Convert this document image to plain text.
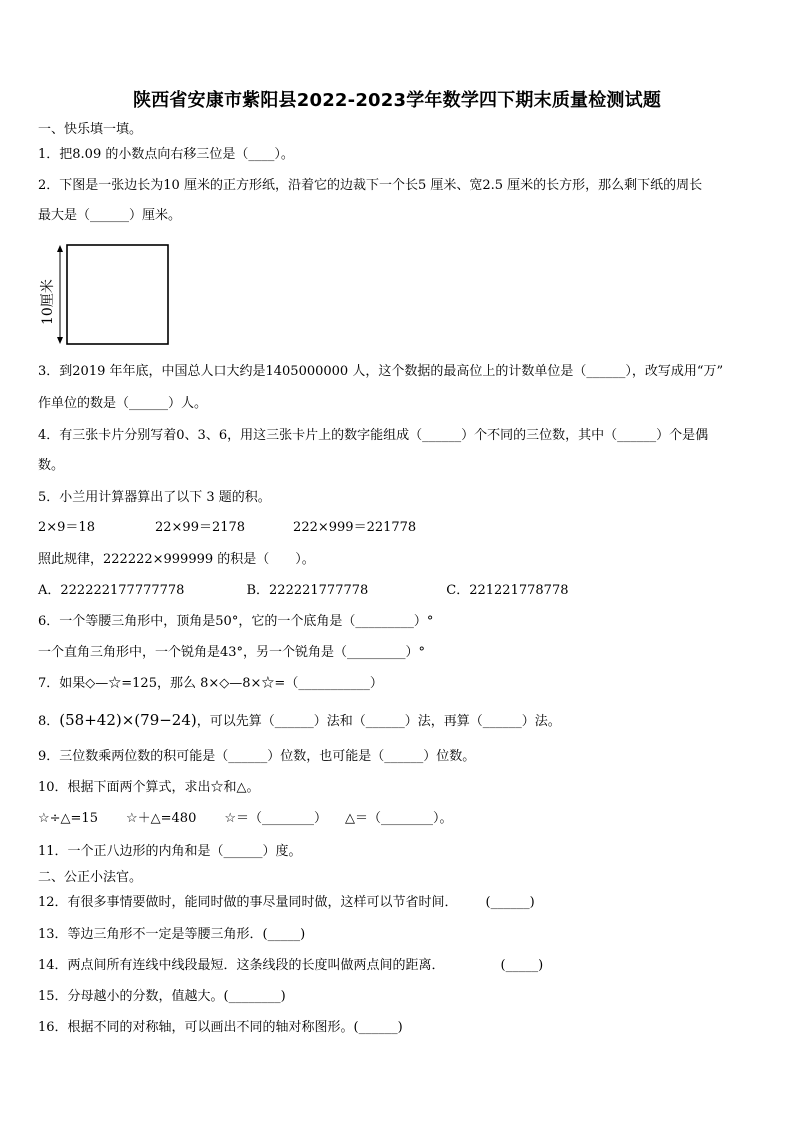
陕西省安康市紫阳县2022-2023学年数学四下期末质量检测试题
一、快乐填一填。
1．把8.09 的小数点向右移三位是（____）。
2．下图是一张边长为10 厘米的正方形纸，沿着它的边裁下一个长5 厘米、宽2.5 厘米的长方形，那么剩下纸的周长
最大是（______）厘米。
10厘米
3．到2019 年年底，中国总人口大约是1405000000 人，这个数据的最高位上的计数单位是（______），改写成用“万”
作单位的数是（______）人。
4．有三张卡片分别写着0、3、6，用这三张卡片上的数字能组成（______）个不同的三位数，其中（______）个是偶
数。
5．小兰用计算器算出了以下 3 题的积。
2×9＝18	22×99＝2178	222×999＝221778
照此规律，222222×999999 的积是（　　）。
A．222222177777778	B．222221777778	C．221221778778
6．一个等腰三角形中，顶角是50°，它的一个底角是（_________）°
一个直角三角形中，一个锐角是43°，另一个锐角是（_________）°
7．如果◇—☆=125，那么 8×◇—8×☆=（___________）
8．(58+42)×(79−24)，可以先算（______）法和（______）法，再算（______）法。
9．三位数乘两位数的积可能是（______）位数，也可能是（______）位数。
10．根据下面两个算式，求出☆和△。
☆÷△=15 ☆＋△=480 ☆＝（________） △＝（________）。
11．一个正八边形的内角和是（______）度。
二、公正小法官。
12．有很多事情要做时，能同时做的事尽量同时做，这样可以节省时间． (______)
13．等边三角形不一定是等腰三角形．(_____)
14．两点间所有连线中线段最短．这条线段的长度叫做两点间的距离．	(_____)
15．分母越小的分数，值越大。(________)
16．根据不同的对称轴，可以画出不同的轴对称图形。(______)
